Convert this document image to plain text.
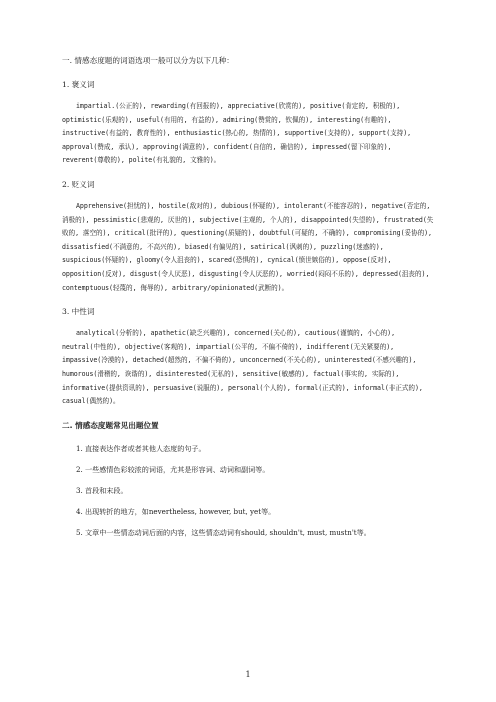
一. 情感态度题的词语选项一般可以分为以下几种：
1. 褒义词
impartial.(公正的), rewarding(有回报的), appreciative(欣赏的), positive(肯定的, 积极的), optimistic(乐观的), useful(有用的, 有益的), admiring(赞赏的, 钦佩的), interesting(有趣的), instructive(有益的, 教育性的), enthusiastic(热心的, 热情的), supportive(支持的), support(支持), approval(赞成, 承认), approving(满意的), confident(自信的, 确信的), impressed(留下印象的), reverent(尊敬的), polite(有礼貌的, 文雅的)。
2. 贬义词
Apprehensive(担忧的), hostile(敌对的), dubious(怀疑的), intolerant(不能容忍的), negative(否定的, 消极的), pessimistic(悲观的, 厌世的), subjective(主观的, 个人的), disappointed(失望的), frustrated(失败的, 落空的), critical(批评的), questioning(质疑的), doubtful(可疑的, 不确的), compromising(妥协的), dissatisfied(不满意的, 不高兴的), biased(有偏见的), satirical(讽刺的), puzzling(迷惑的), suspicious(怀疑的), gloomy(令人沮丧的), scared(恐惧的), cynical(愤世嫉俗的), oppose(反对), opposition(反对), disgust(令人厌恶), disgusting(令人厌恶的), worried(闷闷不乐的), depressed(沮丧的), contemptuous(轻蔑的, 侮辱的), arbitrary/opinionated(武断的)。
3. 中性词
analytical(分析的), apathetic(缺乏兴趣的), concerned(关心的), cautious(谨慎的, 小心的), neutral(中性的), objective(客观的), impartial(公平的, 不偏不倚的), indifferent(无关紧要的), impassive(冷漠的), detached(超然的, 不偏不倚的), unconcerned(不关心的), uninterested(不感兴趣的), humorous(滑稽的, 诙谐的), disinterested(无私的), sensitive(敏感的), factual(事实的, 实际的), informative(提供资讯的), persuasive(说服的), personal(个人的), formal(正式的), informal(非正式的), casual(偶然的)。
二. 情感态度题常见出题位置
1. 直接表达作者或者其他人态度的句子。
2. 一些感情色彩较浓的词语，尤其是形容词、动词和副词等。
3. 首段和末段。
4. 出现转折的地方，如nevertheless, however, but, yet等。
5. 文章中一些情态动词后面的内容，这些情态动词有should, shouldn't, must, mustn't等。
1
